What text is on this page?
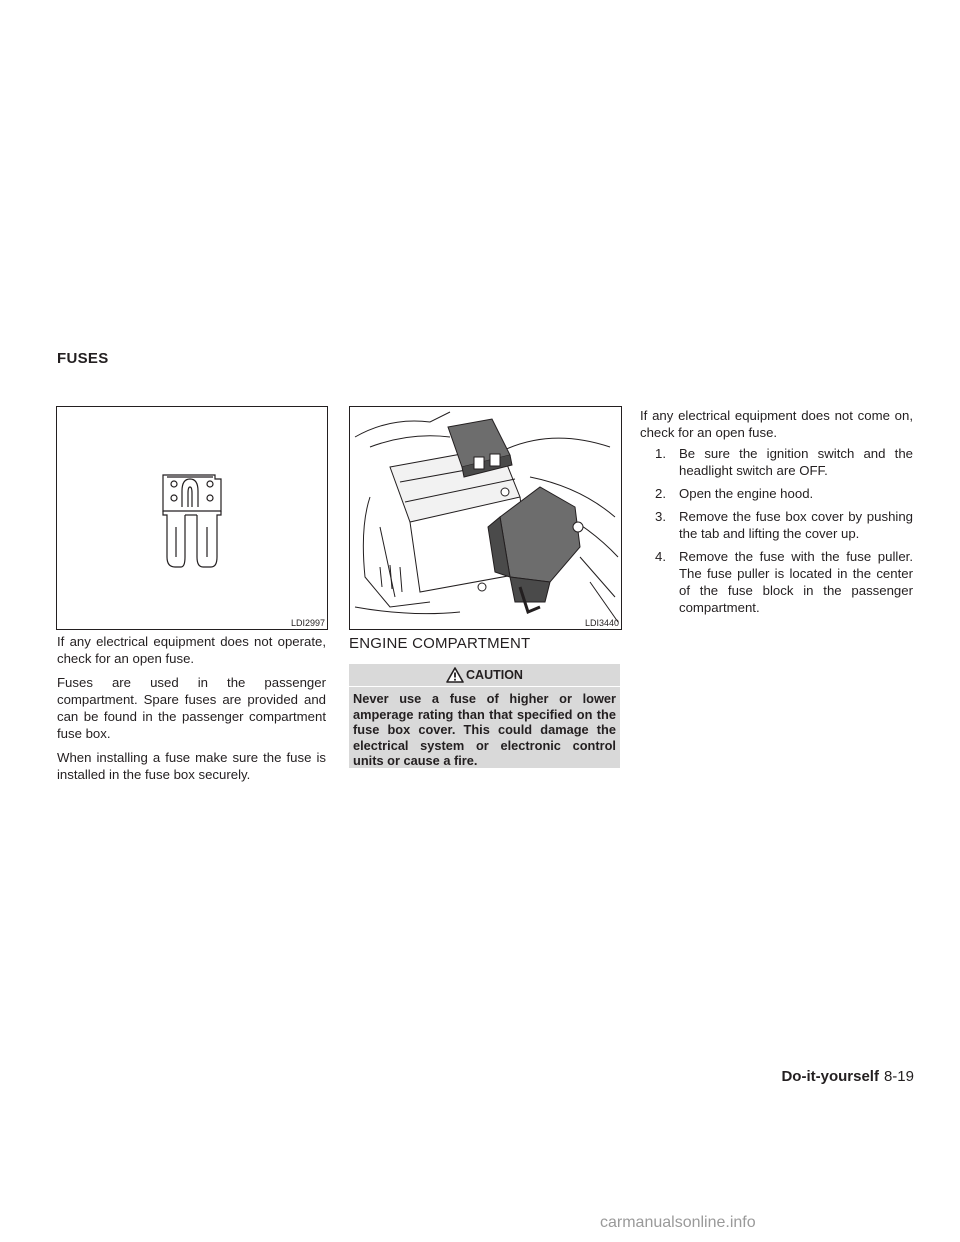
FUSES
LDI2997	LDI3440

If any electrical equipment does not operate, check for an open fuse.

Fuses are used in the passenger compartment. Spare fuses are provided and can be found in the passenger compartment fuse box.

When installing a fuse make sure the fuse is installed in the fuse box securely.

ENGINE COMPARTMENT
CAUTION
Never use a fuse of higher or lower amperage rating than that specified on the fuse box cover. This could damage the electrical system or electronic control units or cause a fire.

If any electrical equipment does not come on, check for an open fuse.

1. Be sure the ignition switch and the headlight switch are OFF.
2. Open the engine hood.
3. Remove the fuse box cover by pushing the tab and lifting the cover up.
4. Remove the fuse with the fuse puller. The fuse puller is located in the center of the fuse block in the passenger compartment.
Do-it-yourself 8-19
carmanualsonline.info
